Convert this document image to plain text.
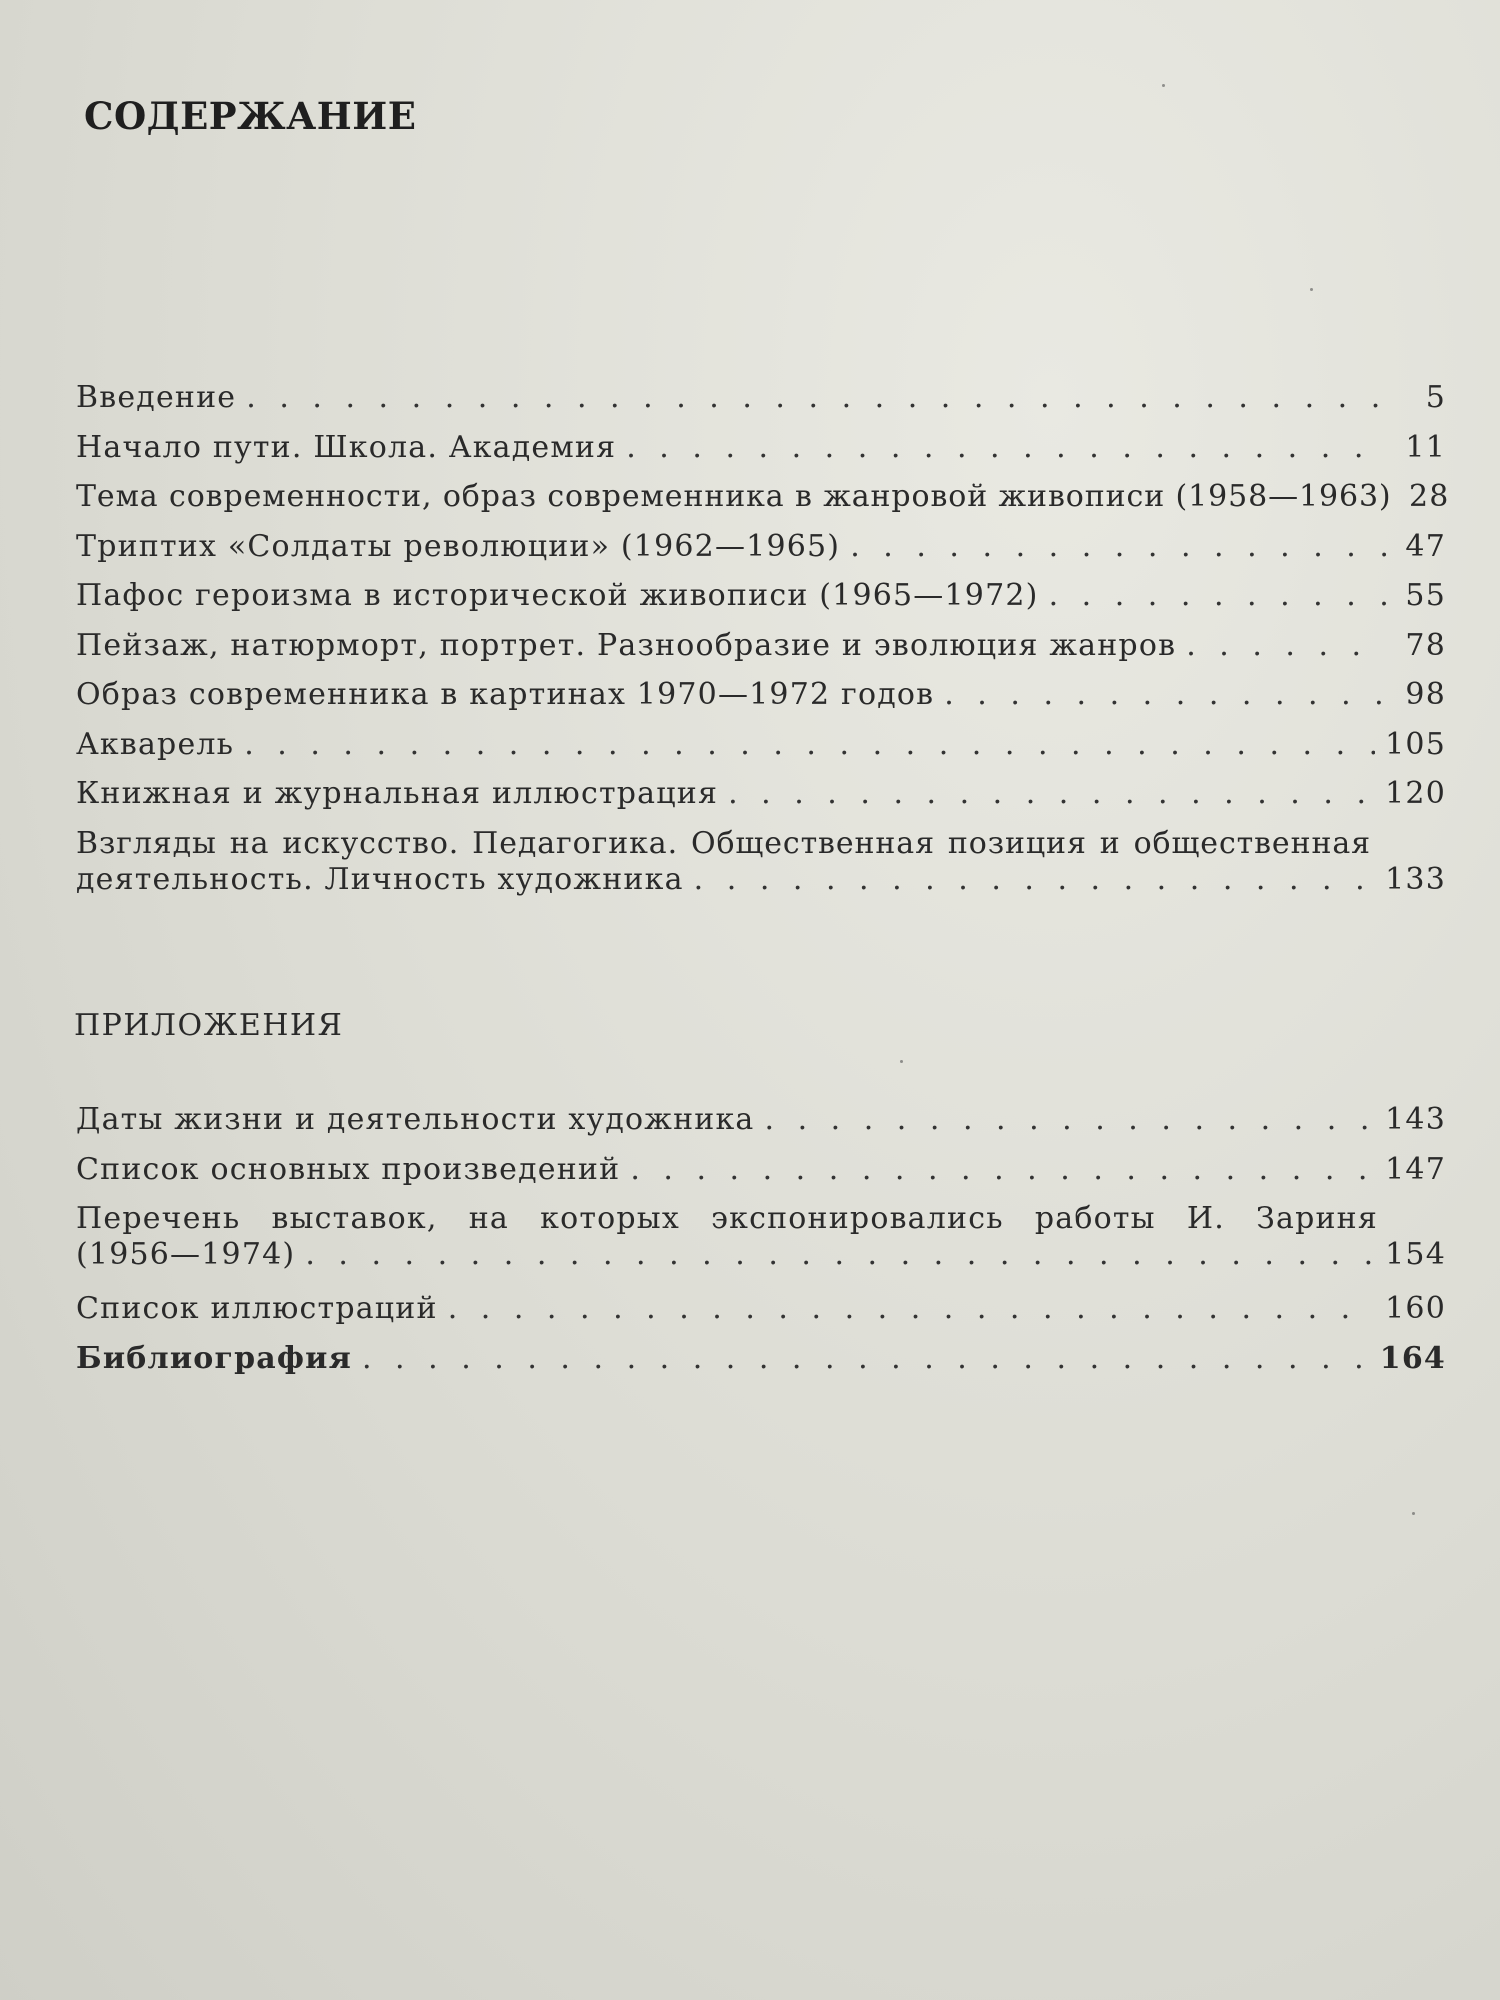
СОДЕРЖАНИЕ
Введение . . .	5
Начало пути. Школа. Академия . . .	11
Тема современности, образ современника в жанровой живописи (1958—1963) 28
Триптих «Солдаты революции» (1962—1965) . . .	47
Пафос героизма в исторической живописи (1965—1972) . . .	55
Пейзаж, натюрморт, портрет. Разнообразие и эволюция жанров . . .	78
Образ современника в картинах 1970—1972 годов . . .	98
Акварель . . .	105
Книжная и журнальная иллюстрация . . .	120
Взгляды на искусство. Педагогика. Общественная позиция и общественная
деятельность. Личность художника . . .	133
ПРИЛОЖЕНИЯ
Даты жизни и деятельности художника . . .	143
Список основных произведений . . .	147
Перечень выставок, на которых экспонировались работы И. Зариня
(1956—1974) . . .	154
Список иллюстраций . . .	160
Библиография . . .	164
